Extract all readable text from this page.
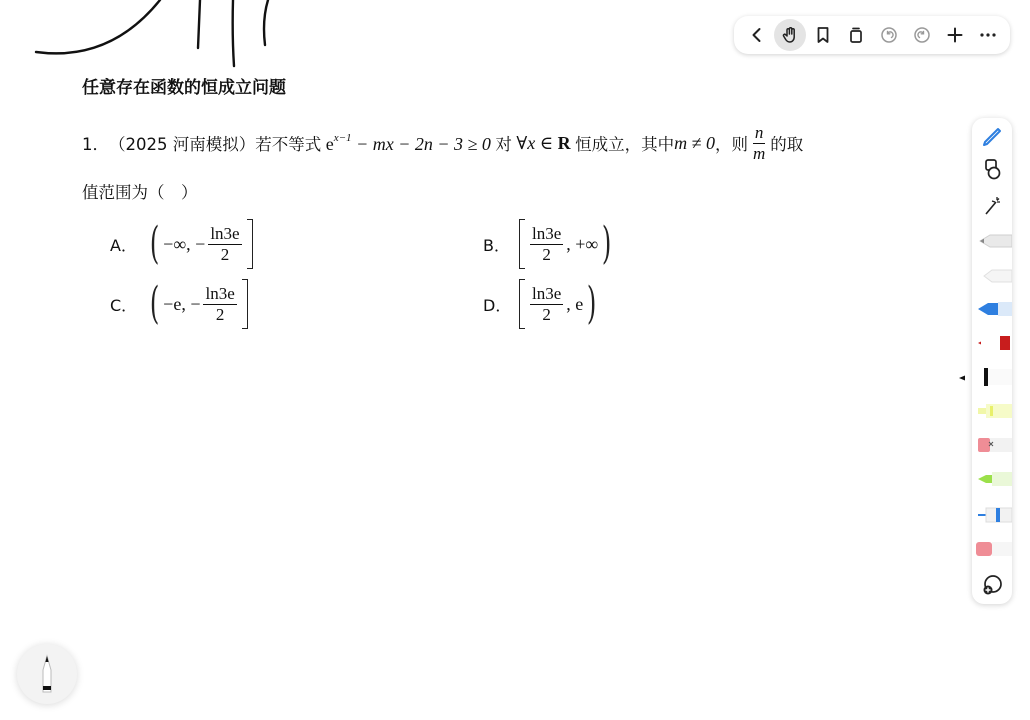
任意存在函数的恒成立问题
1． （2025 河南模拟）若不等式 $e^{x-1}$ − mx − 2n − 3 ≥ 0 对 ∀x ∈ R 恒成立，其中 m ≠ 0 ，则 $\frac{n}{m}$ 的取
值范围为（　）
A． ( −∞, − $\frac{\ln 3e}{2}$	B．	$\frac{\ln 3e}{2}$ , +∞ )
C． ( −e, − $\frac{\ln 3e}{2}$	D．	$\frac{\ln 3e}{2}$ , e )
